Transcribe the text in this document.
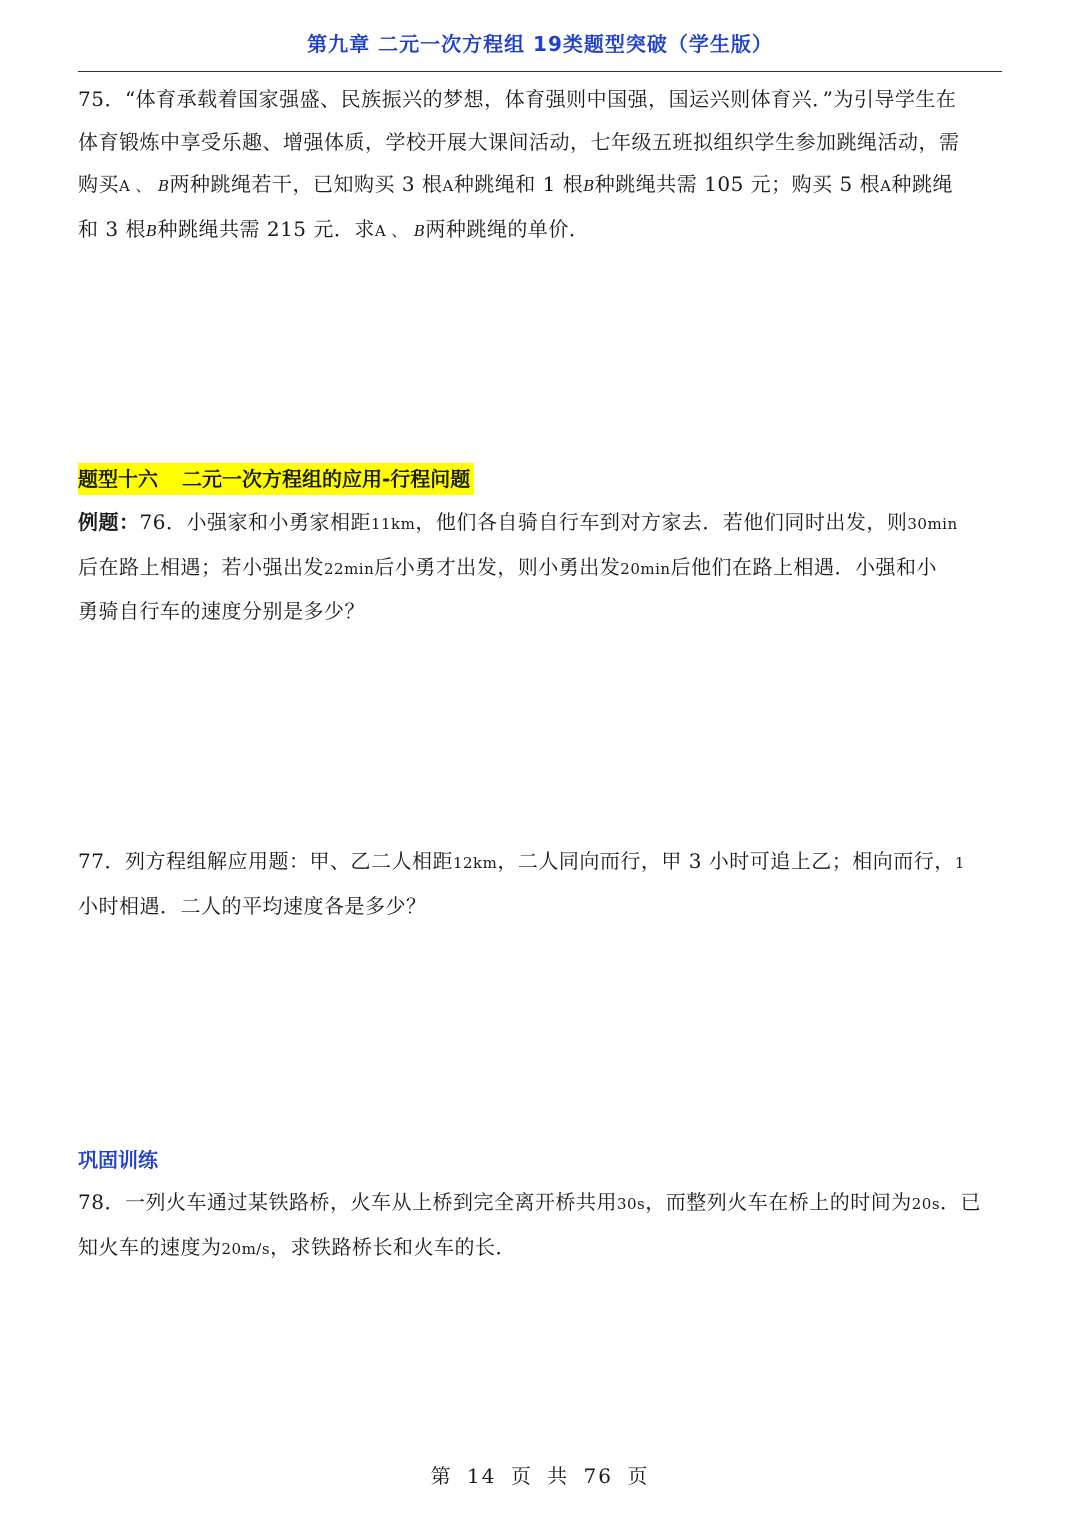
第九章 二元一次方程组 19类题型突破（学生版）
75．“体育承载着国家强盛、民族振兴的梦想，体育强则中国强，国运兴则体育兴．”为引导学生在
体育锻炼中享受乐趣、增强体质，学校开展大课间活动，七年级五班拟组织学生参加跳绳活动，需
购买A 、 B两种跳绳若干，已知购买 3 根A种跳绳和 1 根B种跳绳共需 105 元；购买 5 根A种跳绳
和 3 根B种跳绳共需 215 元．求A 、 B两种跳绳的单价．
题型十六 二元一次方程组的应用-行程问题
例题：76．小强家和小勇家相距11km，他们各自骑自行车到对方家去．若他们同时出发，则30min
后在路上相遇；若小强出发22min后小勇才出发，则小勇出发20min后他们在路上相遇．小强和小
勇骑自行车的速度分别是多少？
77．列方程组解应用题：甲、乙二人相距12km，二人同向而行，甲 3 小时可追上乙；相向而行，1
小时相遇．二人的平均速度各是多少？
巩固训练
78．一列火车通过某铁路桥，火车从上桥到完全离开桥共用30s，而整列火车在桥上的时间为20s．已
知火车的速度为20m/s，求铁路桥长和火车的长．
第 14 页 共 76 页
